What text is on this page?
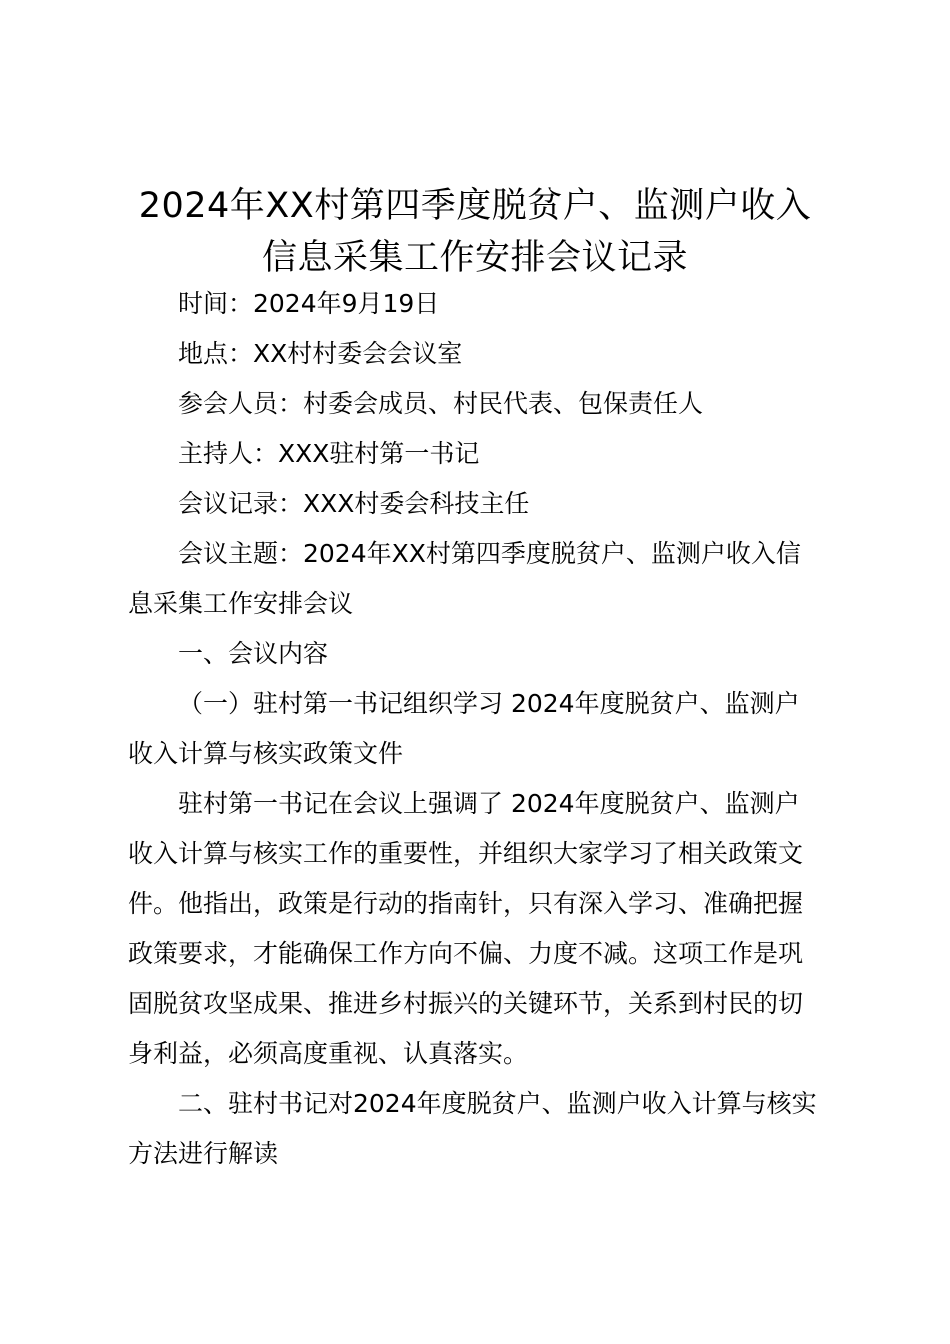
2024年XX村第四季度脱贫户、监测户收入
信息采集工作安排会议记录
时间：2024年9月19日
地点：XX村村委会会议室
参会人员：村委会成员、村民代表、包保责任人
主持人：XXX驻村第一书记
会议记录：XXX村委会科技主任
会议主题：2024年XX村第四季度脱贫户、监测户收入信
息采集工作安排会议
一、会议内容
（一）驻村第一书记组织学习 2024年度脱贫户、监测户
收入计算与核实政策文件
驻村第一书记在会议上强调了 2024年度脱贫户、监测户
收入计算与核实工作的重要性，并组织大家学习了相关政策文
件。他指出，政策是行动的指南针，只有深入学习、准确把握
政策要求，才能确保工作方向不偏、力度不减。这项工作是巩
固脱贫攻坚成果、推进乡村振兴的关键环节，关系到村民的切
身利益，必须高度重视、认真落实。
二、驻村书记对2024年度脱贫户、监测户收入计算与核实
方法进行解读
